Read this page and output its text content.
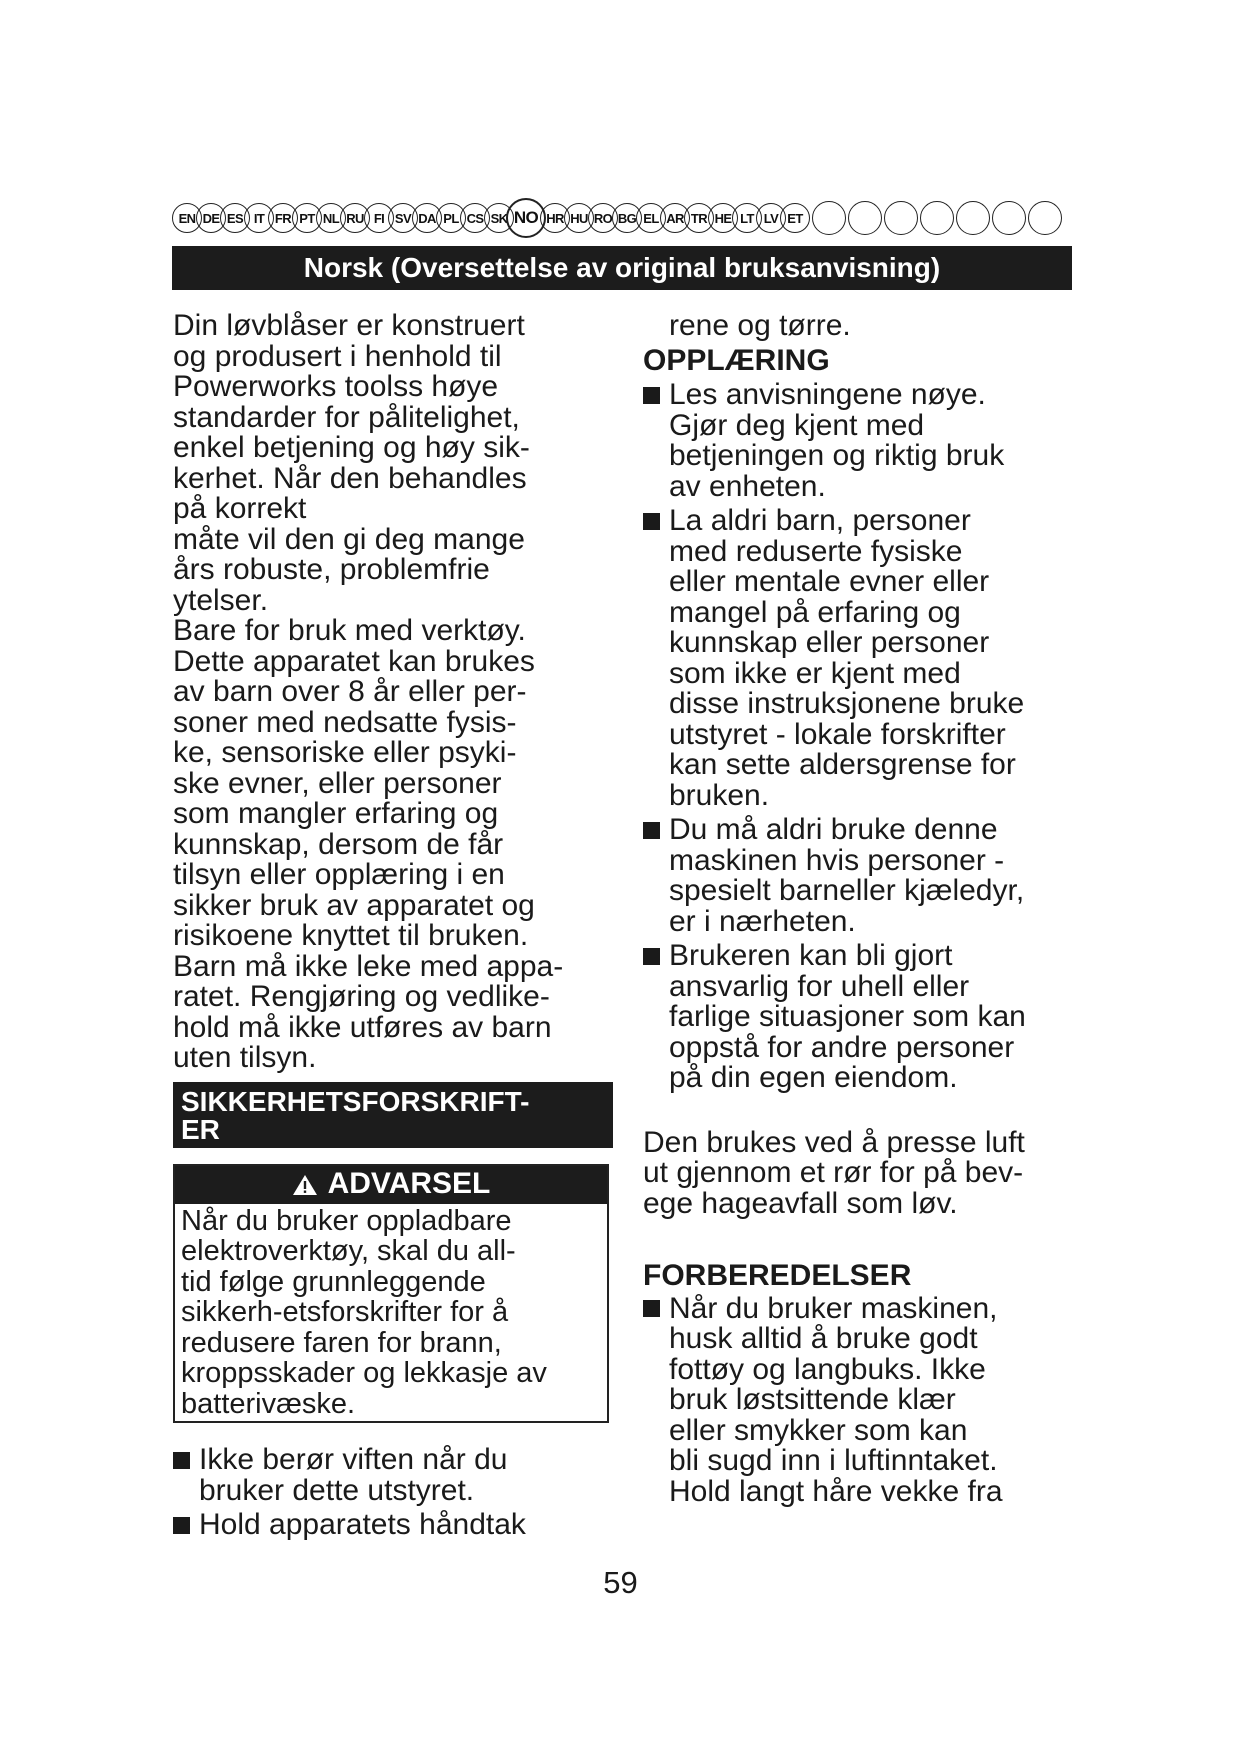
EN DE ES IT FR PT NL RU FI SV DA PL CS SK NO HR HU RO BG EL AR TR HE LT LV ET
Norsk (Oversettelse av original bruksanvisning)

Din løvblåser er konstruert
og produsert i henhold til
Powerworks toolss høye
standarder for pålitelighet,
enkel betjening og høy sik-
kerhet. Når den behandles
på korrekt
måte vil den gi deg mange
års robuste, problemfrie
ytelser.

Bare for bruk med verktøy.
Dette apparatet kan brukes
av barn over 8 år eller per-
soner med nedsatte fysis-
ke, sensoriske eller psyki-
ske evner, eller personer
som mangler erfaring og
kunnskap, dersom de får
tilsyn eller opplæring i en
sikker bruk av apparatet og
risikoene knyttet til bruken.
Barn må ikke leke med appa-
ratet. Rengjøring og vedlike-
hold må ikke utføres av barn
uten tilsyn.

SIKKERHETSFORSKRIFT-
ER
ADVARSEL
Når du bruker oppladbare
elektroverktøy, skal du all-
tid følge grunnleggende
sikkerh-etsforskrifter for å
redusere faren for brann,
kroppsskader og lekkasje av
batterivæske.
Ikke berør viften når du
bruker dette utstyret.
Hold apparatets håndtak

rene og tørre.

OPPLÆRING

Les anvisningene nøye.
Gjør deg kjent med
betjeningen og riktig bruk
av enheten.
La aldri barn, personer
med reduserte fysiske
eller mentale evner eller
mangel på erfaring og
kunnskap eller personer
som ikke er kjent med
disse instruksjonene bruke
utstyret - lokale forskrifter
kan sette aldersgrense for
bruken.
Du må aldri bruke denne
maskinen hvis personer -
spesielt barneller kjæledyr,
er i nærheten.
Brukeren kan bli gjort
ansvarlig for uhell eller
farlige situasjoner som kan
oppstå for andre personer
på din egen eiendom.

Den brukes ved å presse luft
ut gjennom et rør for på bev-
ege hageavfall som løv.

FORBEREDELSER

Når du bruker maskinen,
husk alltid å bruke godt
fottøy og langbuks. Ikke
bruk løstsittende klær
eller smykker som kan
bli sugd inn i luftinntaket.
Hold langt håre vekke fra
59
